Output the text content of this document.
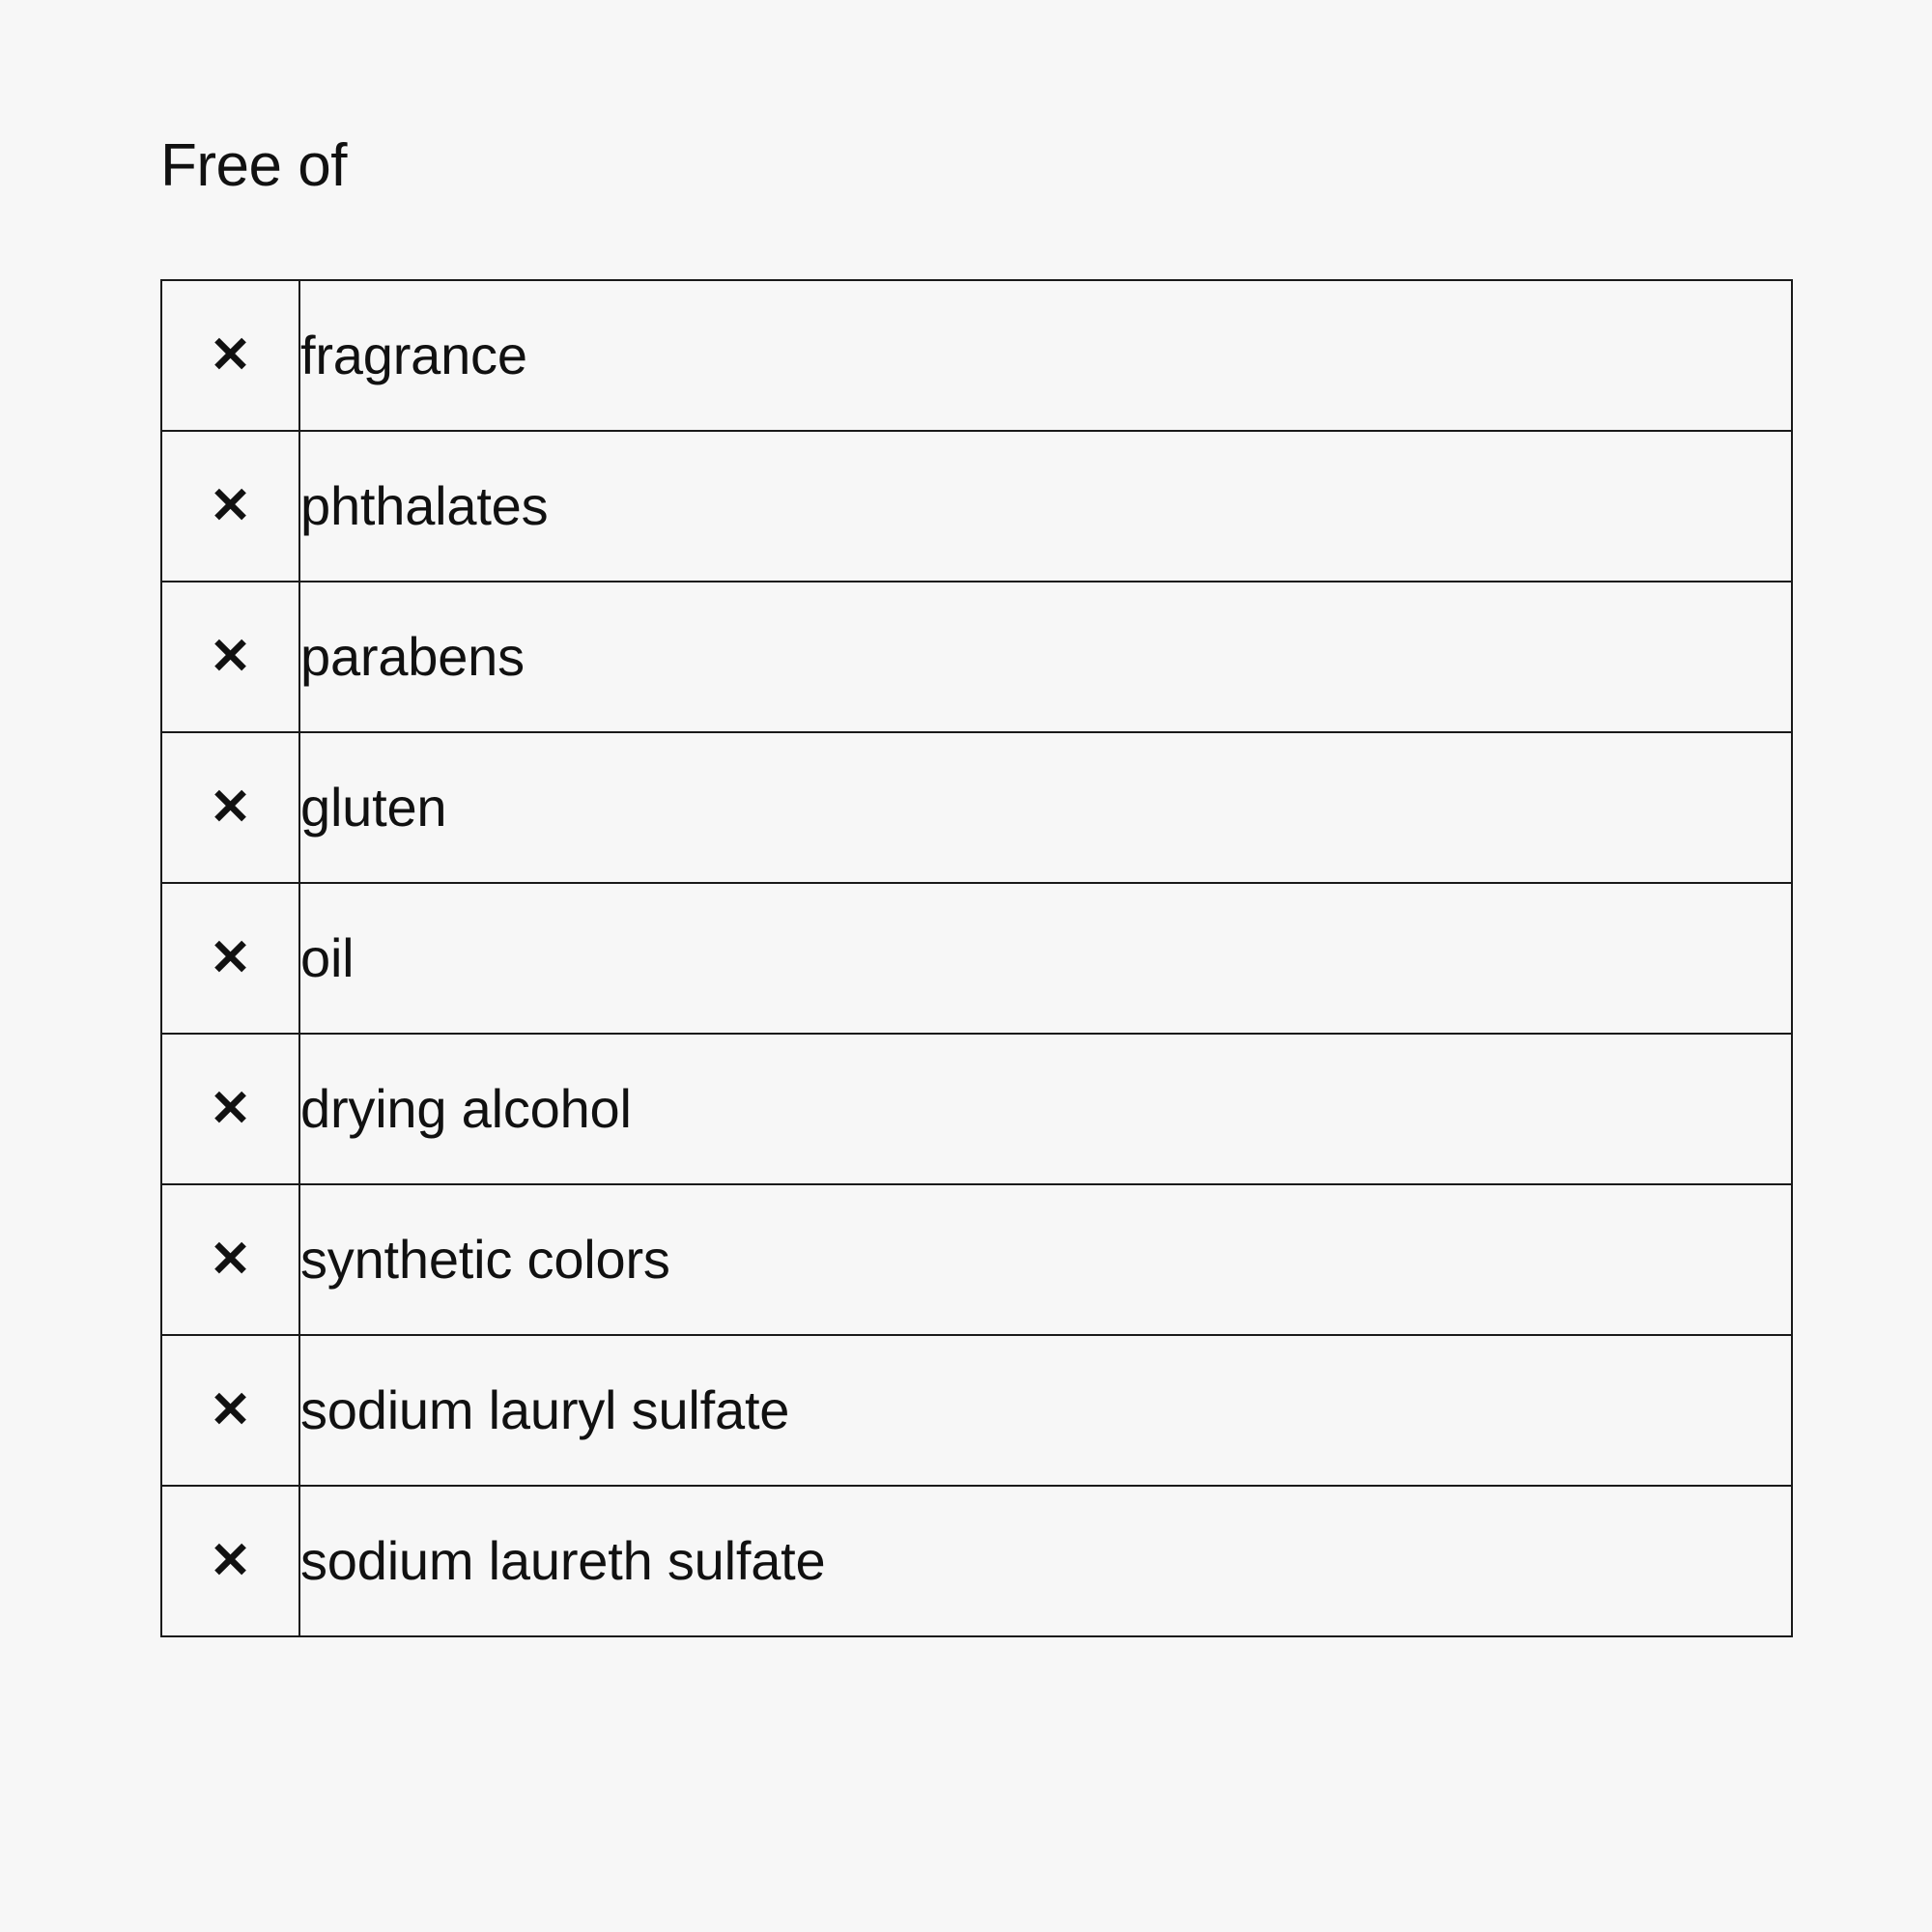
Free of
✕	fragrance
✕	phthalates
✕	parabens
✕	gluten
✕	oil
✕	drying alcohol
✕	synthetic colors
✕	sodium lauryl sulfate
✕	sodium laureth sulfate
